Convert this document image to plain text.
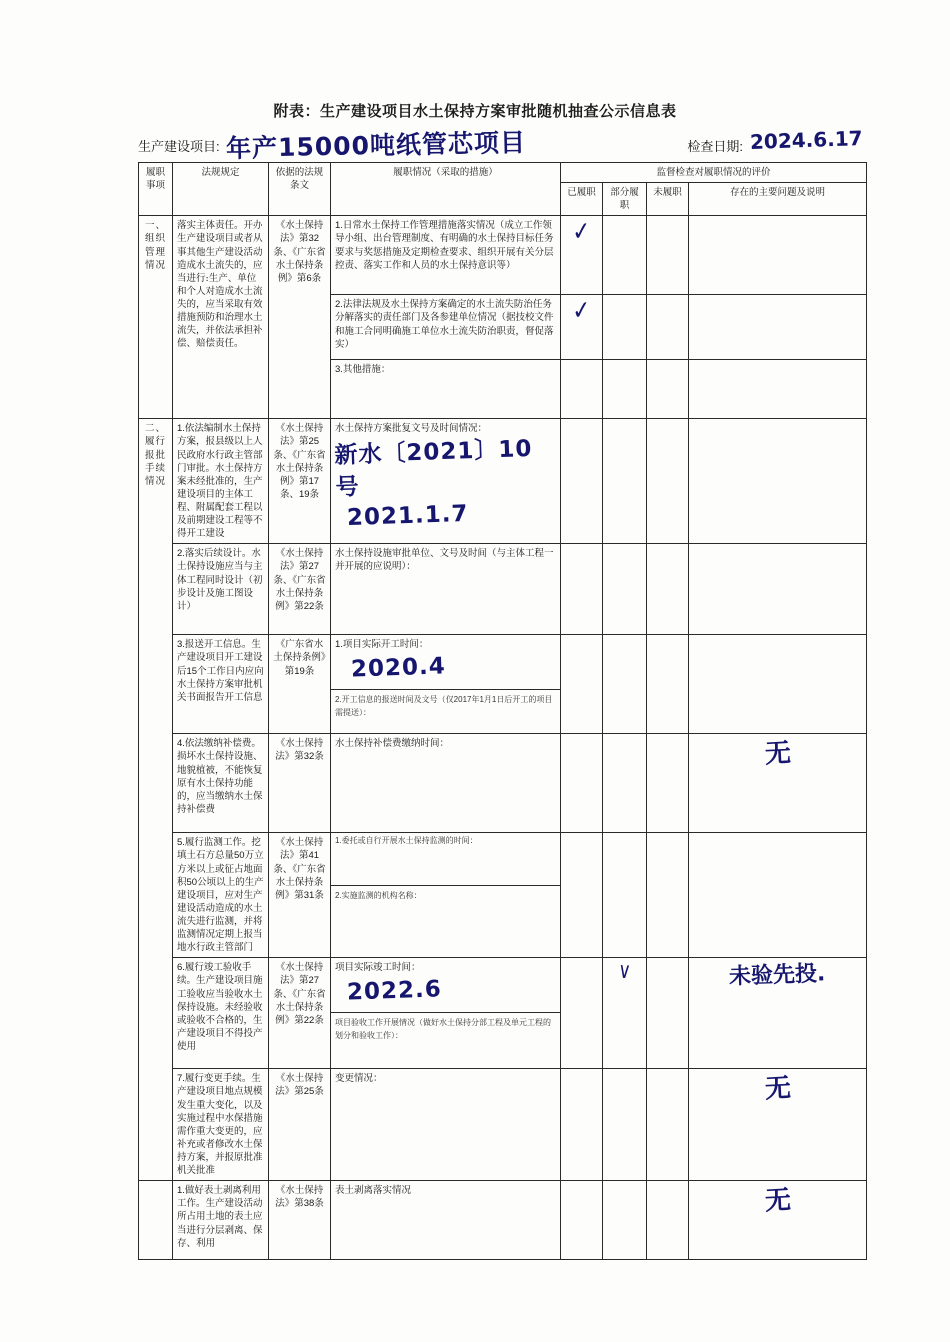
附表：生产建设项目水土保持方案审批随机抽查公示信息表
生产建设项目: 年产15000吨纸管芯项目	检查日期: 2024.6.17
履职事项	法规规定	依据的法规条文	履职情况（采取的措施）	监督检查对履职情况的评价			
				已履职	部分履职	未履职	存在的主要问题及说明
一、组织管理情况	落实主体责任。开办生产建设项目或者从事其他生产建设活动造成水土流失的，应当进行։生产、单位和个人对造成水土流失的，应当采取有效措施预防和治理水土流失，并依法承担补偿、赔偿责任。	《水土保持法》第32条、《广东省水土保持条例》第6条	1.日常水土保持工作管理措施落实情况（成立工作领导小组、出台管理制度、有明确的水土保持目标任务要求与奖惩措施及定期检查要求、组织开展有关分层控责、落实工作和人员的水土保持意识等）	✓			

			2.法律法规及水土保持方案确定的水土流失防治任务分解落实的责任部门及各参建单位情况（据技校文件和施工合同明确施工单位水土流失防治职责，督促落实）	✓			

			3.其他措施：				
二、履行报批手续情况	1.依法编制水土保持方案，报县级以上人民政府水行政主管部门审批。水土保持方案未经批准的，生产建设项目的主体工程、附属配套工程以及前期建设工程等不得开工建设	《水土保持法》第25条、《广东省水土保持条例》第17条、19条	水土保持方案批复文号及时间情况：
新水〔2021〕10号
2021.1.7				
	2.落实后续设计。水土保持设施应当与主体工程同时设计（初步设计及施工图设计）	《水土保持法》第27条、《广东省水土保持条例》第22条	水土保持设施审批单位、文号及时间（与主体工程一并开展的应说明）：				
	3.报送开工信息。生产建设项目开工建设后15个工作日内应向水土保持方案审批机关书面报告开工信息	《广东省水土保持条例》第19条	1.项目实际开工时间：
2020.4
2.开工信息的报送时间及文号（仅2017年1月1日后开工的项目需提送）：				
	4.依法缴纳补偿费。损坏水土保持设施、地貌植被，不能恢复原有水土保持功能的，应当缴纳水土保持补偿费	《水土保持法》第32条	水土保持补偿费缴纳时间：				无
	5.履行监测工作。挖填土石方总量50万立方米以上或征占地面积50公顷以上的生产建设项目，应对生产建设活动造成的水土流失进行监测，并将监测情况定期上报当地水行政主管部门	《水土保持法》第41条、《广东省水土保持条例》第31条	1.委托或自行开展水土保持监测的时间：
2.实施监测的机构名称：				
	6.履行竣工验收手续。生产建设项目施工验收应当验收水土保持设施。未经验收或验收不合格的，生产建设项目不得投产使用	《水土保持法》第27条、《广东省水土保持条例》第22条	项目实际竣工时间：
2022.6
项目验收工作开展情况（做好水土保持分部工程及单元工程的划分和验收工作）：		∨		未验先投.
	7.履行变更手续。生产建设项目地点规模发生重大变化，以及实施过程中水保措施需作重大变更的，应补充或者修改水土保持方案，并报原批准机关批准	《水土保持法》第25条	变更情况：				无
	1.做好表土剥离利用工作。生产建设活动所占用土地的表土应当进行分层剥离、保存、利用	《水土保持法》第38条	表土剥离落实情况				无
